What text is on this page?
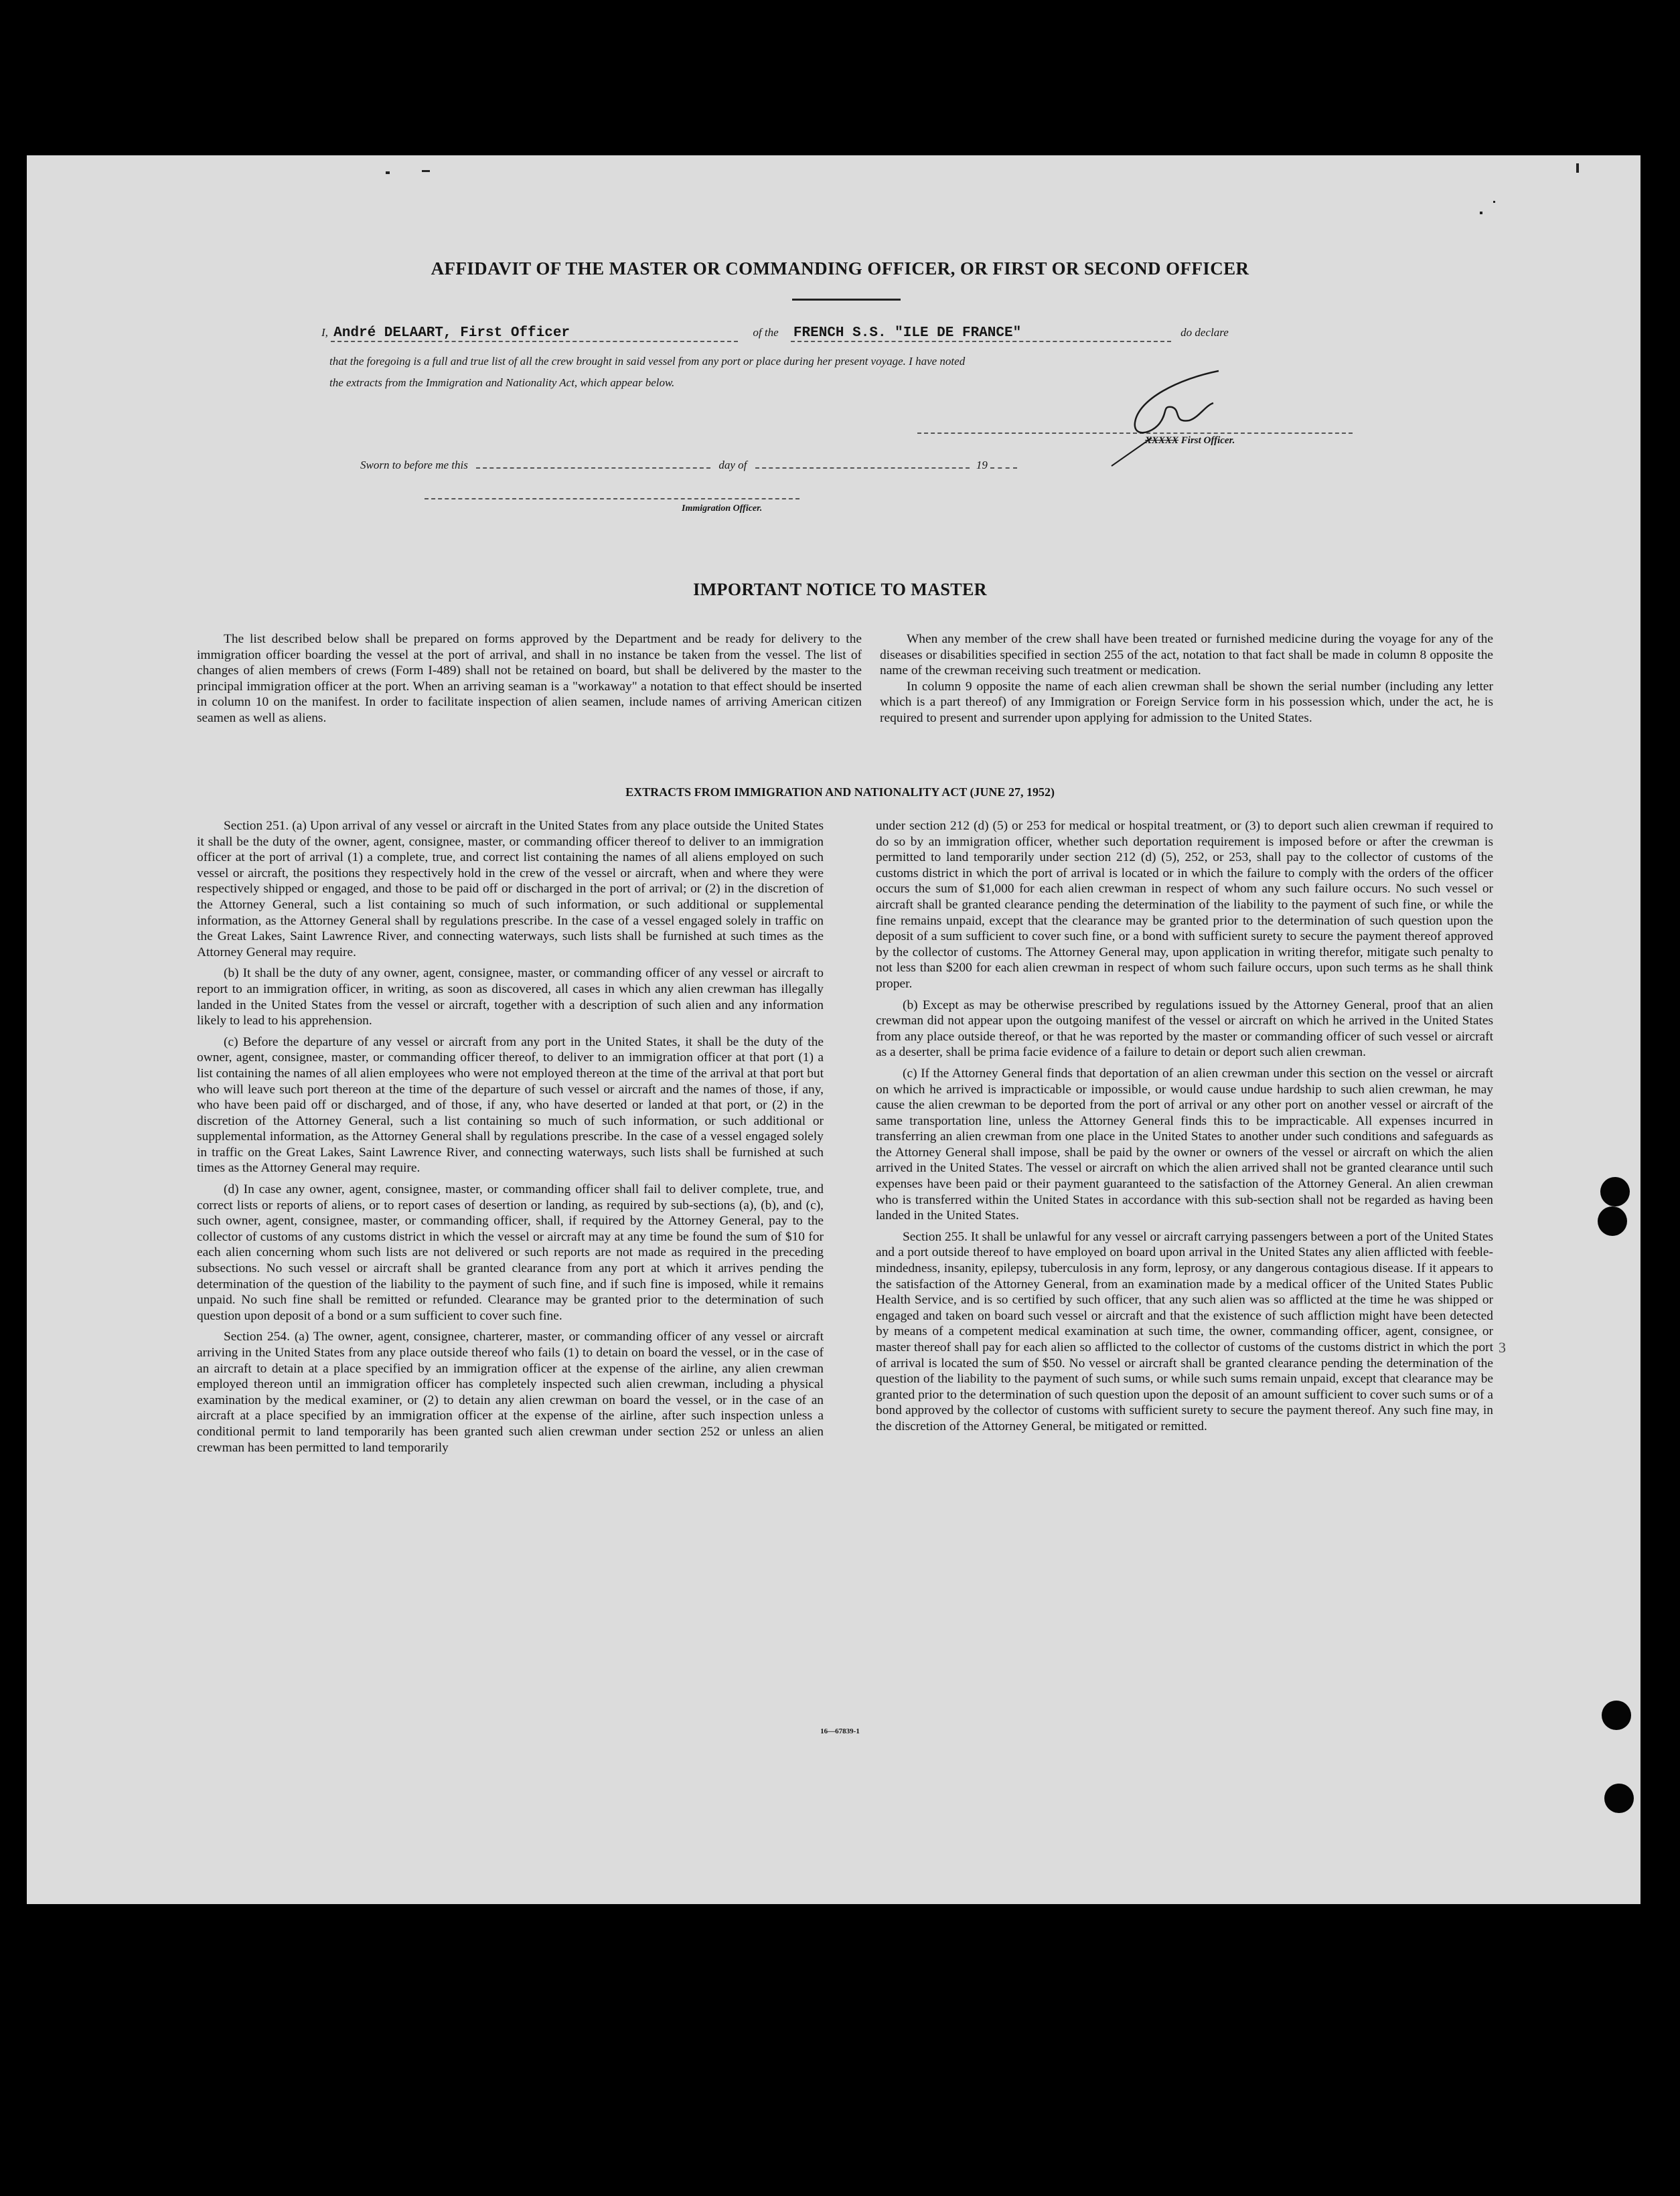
AFFIDAVIT OF THE MASTER OR COMMANDING OFFICER, OR FIRST OR SECOND OFFICER
I, André DELAART, First Officer	of the FRENCH S.S. "ILE DE FRANCE"	do declare
that the foregoing is a full and true list of all the crew brought in said vessel from any port or place during her present voyage. I have noted
the extracts from the Immigration and Nationality Act, which appear below.
XXXXX First Officer.
Sworn to before me this	day of	19
Immigration Officer.
IMPORTANT NOTICE TO MASTER

The list described below shall be prepared on forms approved by the Department and be ready for delivery to the immigration officer boarding the vessel at the port of arrival, and shall in no instance be taken from the vessel. The list of changes of alien members of crews (Form I-489) shall not be retained on board, but shall be delivered by the master to the principal immigration officer at the port. When an arriving seaman is a "workaway" a notation to that effect should be inserted in column 10 on the manifest. In order to facilitate inspection of alien seamen, include names of arriving American citizen seamen as well as aliens.

When any member of the crew shall have been treated or furnished medicine during the voyage for any of the diseases or disabilities specified in section 255 of the act, notation to that fact shall be made in column 8 opposite the name of the crewman receiving such treatment or medication.

In column 9 opposite the name of each alien crewman shall be shown the serial number (including any letter which is a part thereof) of any Immigration or Foreign Service form in his possession which, under the act, he is required to present and surrender upon applying for admission to the United States.

EXTRACTS FROM IMMIGRATION AND NATIONALITY ACT (JUNE 27, 1952)

Section 251. (a) Upon arrival of any vessel or aircraft in the United States from any place outside the United States it shall be the duty of the owner, agent, consignee, master, or commanding officer thereof to deliver to an immigration officer at the port of arrival (1) a complete, true, and correct list containing the names of all aliens employed on such vessel or aircraft, the positions they respectively hold in the crew of the vessel or aircraft, when and where they were respectively shipped or engaged, and those to be paid off or discharged in the port of arrival; or (2) in the discretion of the Attorney General, such a list containing so much of such information, or such additional or supplemental information, as the Attorney General shall by regulations prescribe. In the case of a vessel engaged solely in traffic on the Great Lakes, Saint Lawrence River, and connecting waterways, such lists shall be furnished at such times as the Attorney General may require.

(b) It shall be the duty of any owner, agent, consignee, master, or commanding officer of any vessel or aircraft to report to an immigration officer, in writing, as soon as discovered, all cases in which any alien crewman has illegally landed in the United States from the vessel or aircraft, together with a description of such alien and any information likely to lead to his apprehension.

(c) Before the departure of any vessel or aircraft from any port in the United States, it shall be the duty of the owner, agent, consignee, master, or commanding officer thereof, to deliver to an immigration officer at that port (1) a list containing the names of all alien employees who were not employed thereon at the time of the arrival at that port but who will leave such port thereon at the time of the departure of such vessel or aircraft and the names of those, if any, who have been paid off or discharged, and of those, if any, who have deserted or landed at that port, or (2) in the discretion of the Attorney General, such a list containing so much of such information, or such additional or supplemental information, as the Attorney General shall by regulations prescribe. In the case of a vessel engaged solely in traffic on the Great Lakes, Saint Lawrence River, and connecting waterways, such lists shall be furnished at such times as the Attorney General may require.

(d) In case any owner, agent, consignee, master, or commanding officer shall fail to deliver complete, true, and correct lists or reports of aliens, or to report cases of desertion or landing, as required by sub-sections (a), (b), and (c), such owner, agent, consignee, master, or commanding officer, shall, if required by the Attorney General, pay to the collector of customs of any customs district in which the vessel or aircraft may at any time be found the sum of $10 for each alien concerning whom such lists are not delivered or such reports are not made as required in the preceding subsections. No such vessel or aircraft shall be granted clearance from any port at which it arrives pending the determination of the question of the liability to the payment of such fine, and if such fine is imposed, while it remains unpaid. No such fine shall be remitted or refunded. Clearance may be granted prior to the determination of such question upon deposit of a bond or a sum sufficient to cover such fine.

Section 254. (a) The owner, agent, consignee, charterer, master, or commanding officer of any vessel or aircraft arriving in the United States from any place outside thereof who fails (1) to detain on board the vessel, or in the case of an aircraft to detain at a place specified by an immigration officer at the expense of the airline, any alien crewman employed thereon until an immigration officer has completely inspected such alien crewman, including a physical examination by the medical examiner, or (2) to detain any alien crewman on board the vessel, or in the case of an aircraft at a place specified by an immigration officer at the expense of the airline, after such inspection unless a conditional permit to land temporarily has been granted such alien crewman under section 252 or unless an alien crewman has been permitted to land temporarily

under section 212 (d) (5) or 253 for medical or hospital treatment, or (3) to deport such alien crewman if required to do so by an immigration officer, whether such deportation requirement is imposed before or after the crewman is permitted to land temporarily under section 212 (d) (5), 252, or 253, shall pay to the collector of customs of the customs district in which the port of arrival is located or in which the failure to comply with the orders of the officer occurs the sum of $1,000 for each alien crewman in respect of whom any such failure occurs. No such vessel or aircraft shall be granted clearance pending the determination of the liability to the payment of such fine, or while the fine remains unpaid, except that the clearance may be granted prior to the determination of such question upon the deposit of a sum sufficient to cover such fine, or a bond with sufficient surety to secure the payment thereof approved by the collector of customs. The Attorney General may, upon application in writing therefor, mitigate such penalty to not less than $200 for each alien crewman in respect of whom such failure occurs, upon such terms as he shall think proper.

(b) Except as may be otherwise prescribed by regulations issued by the Attorney General, proof that an alien crewman did not appear upon the outgoing manifest of the vessel or aircraft on which he arrived in the United States from any place outside thereof, or that he was reported by the master or commanding officer of such vessel or aircraft as a deserter, shall be prima facie evidence of a failure to detain or deport such alien crewman.

(c) If the Attorney General finds that deportation of an alien crewman under this section on the vessel or aircraft on which he arrived is impracticable or impossible, or would cause undue hardship to such alien crewman, he may cause the alien crewman to be deported from the port of arrival or any other port on another vessel or aircraft of the same transportation line, unless the Attorney General finds this to be impracticable. All expenses incurred in transferring an alien crewman from one place in the United States to another under such conditions and safeguards as the Attorney General shall impose, shall be paid by the owner or owners of the vessel or aircraft on which the alien arrived in the United States. The vessel or aircraft on which the alien arrived shall not be granted clearance until such expenses have been paid or their payment guaranteed to the satisfaction of the Attorney General. An alien crewman who is transferred within the United States in accordance with this sub-section shall not be regarded as having been landed in the United States.

Section 255. It shall be unlawful for any vessel or aircraft carrying passengers between a port of the United States and a port outside thereof to have employed on board upon arrival in the United States any alien afflicted with feeble-mindedness, insanity, epilepsy, tuberculosis in any form, leprosy, or any dangerous contagious disease. If it appears to the satisfaction of the Attorney General, from an examination made by a medical officer of the United States Public Health Service, and is so certified by such officer, that any such alien was so afflicted at the time he was shipped or engaged and taken on board such vessel or aircraft and that the existence of such affliction might have been detected by means of a competent medical examination at such time, the owner, commanding officer, agent, consignee, or master thereof shall pay for each alien so afflicted to the collector of customs of the customs district in which the port of arrival is located the sum of $50. No vessel or aircraft shall be granted clearance pending the determination of the question of the liability to the payment of such sums, or while such sums remain unpaid, except that clearance may be granted prior to the determination of such question upon the deposit of an amount sufficient to cover such sums or of a bond approved by the collector of customs with sufficient surety to secure the payment thereof. Any such fine may, in the discretion of the Attorney General, be mitigated or remitted.

16—67839-1
3
